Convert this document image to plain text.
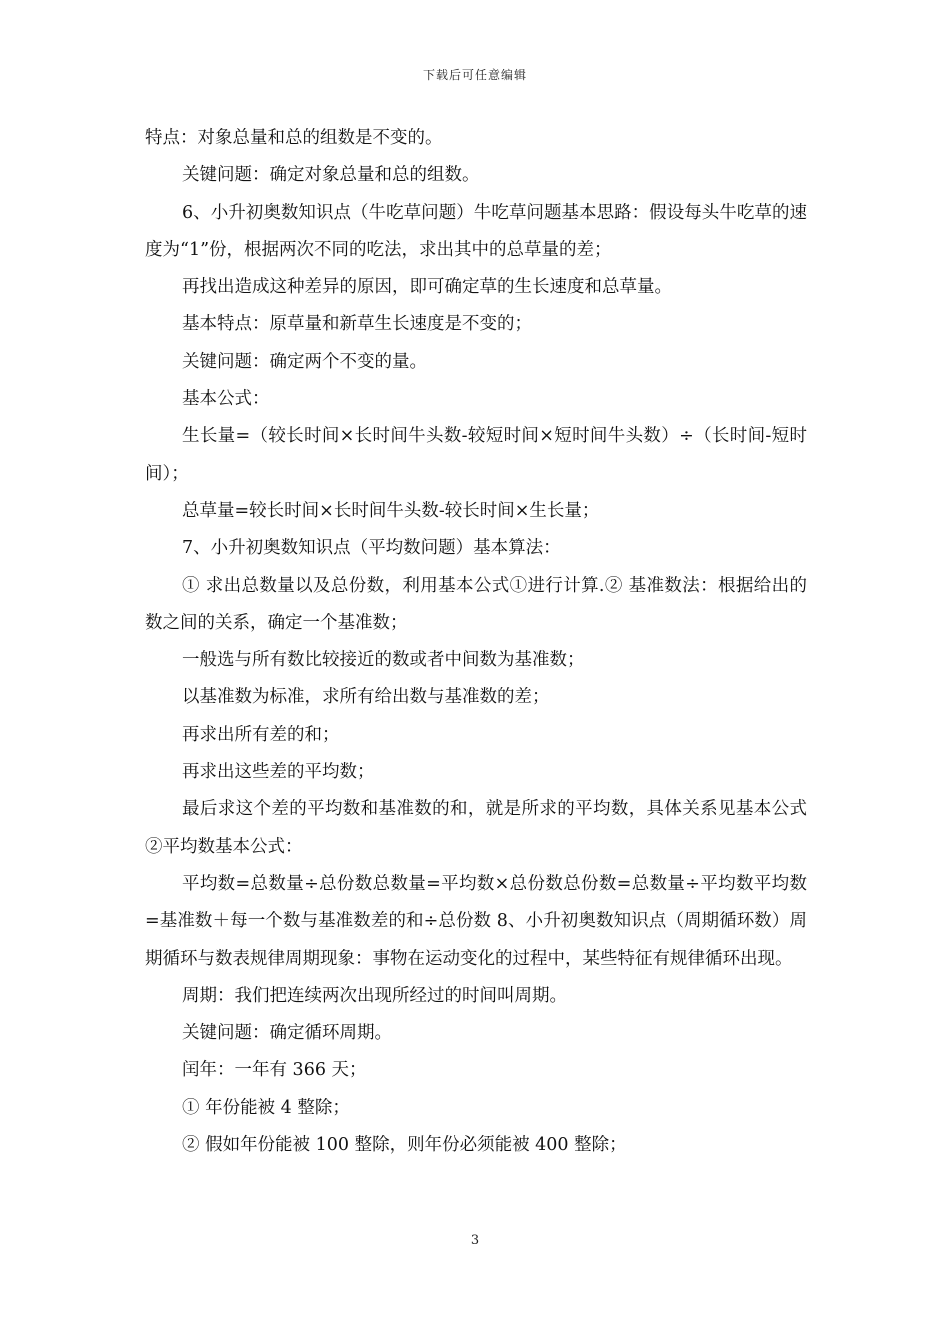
下载后可任意编辑

特点：对象总量和总的组数是不变的。

关键问题：确定对象总量和总的组数。

6、小升初奥数知识点（牛吃草问题）牛吃草问题基本思路：假设每头牛吃草的速度为“1”份，根据两次不同的吃法，求出其中的总草量的差；

再找出造成这种差异的原因，即可确定草的生长速度和总草量。

基本特点：原草量和新草生长速度是不变的；

关键问题：确定两个不变的量。

基本公式：

生长量=（较长时间×长时间牛头数-较短时间×短时间牛头数）÷（长时间-短时间）；

总草量=较长时间×长时间牛头数-较长时间×生长量；

7、小升初奥数知识点（平均数问题）基本算法：

① 求出总数量以及总份数，利用基本公式①进行计算.② 基准数法：根据给出的数之间的关系，确定一个基准数；

一般选与所有数比较接近的数或者中间数为基准数；

以基准数为标准，求所有给出数与基准数的差；

再求出所有差的和；

再求出这些差的平均数；

最后求这个差的平均数和基准数的和，就是所求的平均数，具体关系见基本公式②平均数基本公式：

平均数=总数量÷总份数总数量=平均数×总份数总份数=总数量÷平均数平均数=基准数＋每一个数与基准数差的和÷总份数 8、小升初奥数知识点（周期循环数）周期循环与数表规律周期现象：事物在运动变化的过程中，某些特征有规律循环出现。

周期：我们把连续两次出现所经过的时间叫周期。

关键问题：确定循环周期。

闰年：一年有 366 天；

① 年份能被 4 整除；

② 假如年份能被 100 整除，则年份必须能被 400 整除；

3
